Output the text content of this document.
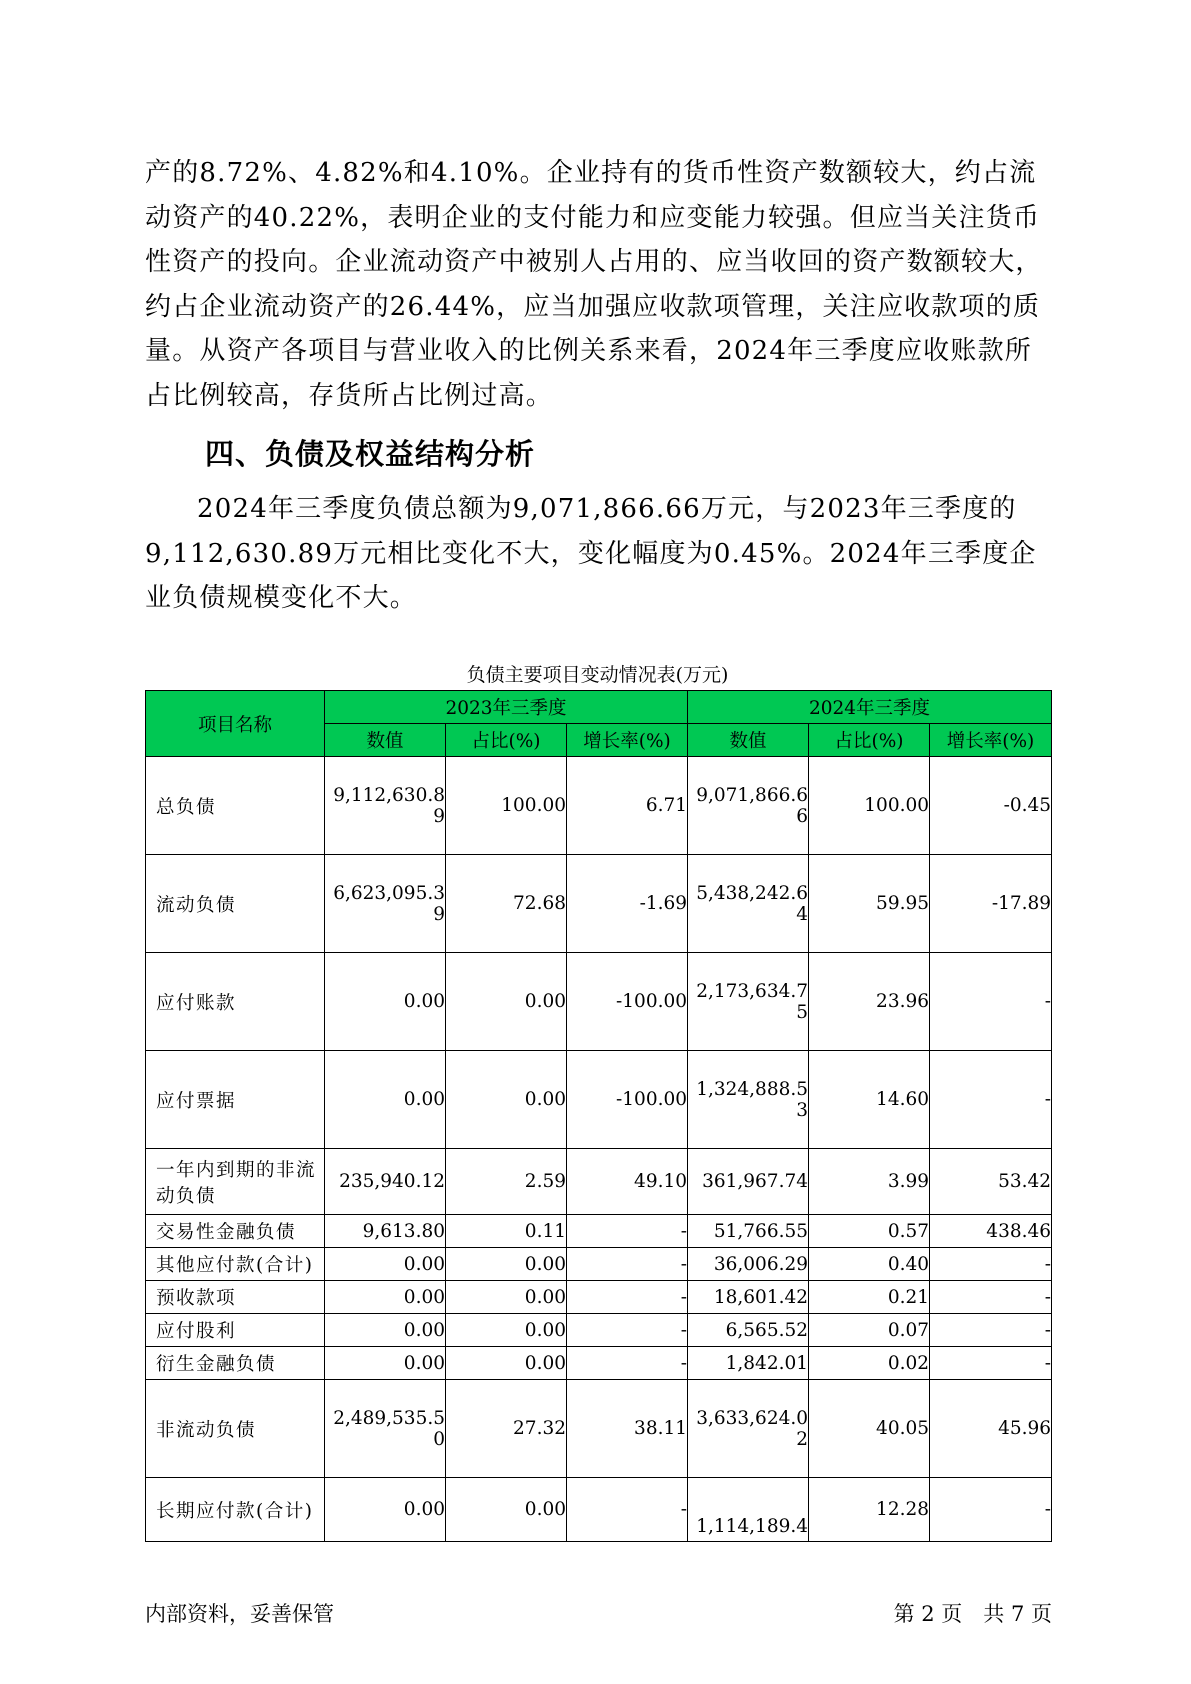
产的8.72%、4.82%和4.10%。企业持有的货币性资产数额较大，约占流动资产的40.22%，表明企业的支付能力和应变能力较强。但应当关注货币性资产的投向。企业流动资产中被别人占用的、应当收回的资产数额较大，约占企业流动资产的26.44%，应当加强应收款项管理，关注应收款项的质量。从资产各项目与营业收入的比例关系来看，2024年三季度应收账款所占比例较高，存货所占比例过高。

四、负债及权益结构分析

2024年三季度负债总额为9,071,866.66万元，与2023年三季度的9,112,630.89万元相比变化不大，变化幅度为0.45%。2024年三季度企业负债规模变化不大。

负债主要项目变动情况表(万元)
项目名称	2023年三季度			2024年三季度		
	数值	占比(%)	增长率(%)	数值	占比(%)	增长率(%)
总负债	9,112,630.89	100.00	6.71	9,071,866.66	100.00	-0.45
流动负债	6,623,095.39	72.68	-1.69	5,438,242.64	59.95	-17.89
应付账款	0.00	0.00	-100.00	2,173,634.75	23.96	-
应付票据	0.00	0.00	-100.00	1,324,888.53	14.60	-
一年内到期的非流动负债	235,940.12	2.59	49.10	361,967.74	3.99	53.42
交易性金融负债	9,613.80	0.11	-	51,766.55	0.57	438.46
其他应付款(合计)	0.00	0.00	-	36,006.29	0.40	-
预收款项	0.00	0.00	-	18,601.42	0.21	-
应付股利	0.00	0.00	-	6,565.52	0.07	-
衍生金融负债	0.00	0.00	-	1,842.01	0.02	-
非流动负债	2,489,535.50	27.32	38.11	3,633,624.02	40.05	45.96
长期应付款(合计)	0.00	0.00	-	1,114,189.4	12.28	-
内部资料，妥善保管	第 2 页　共 7 页
